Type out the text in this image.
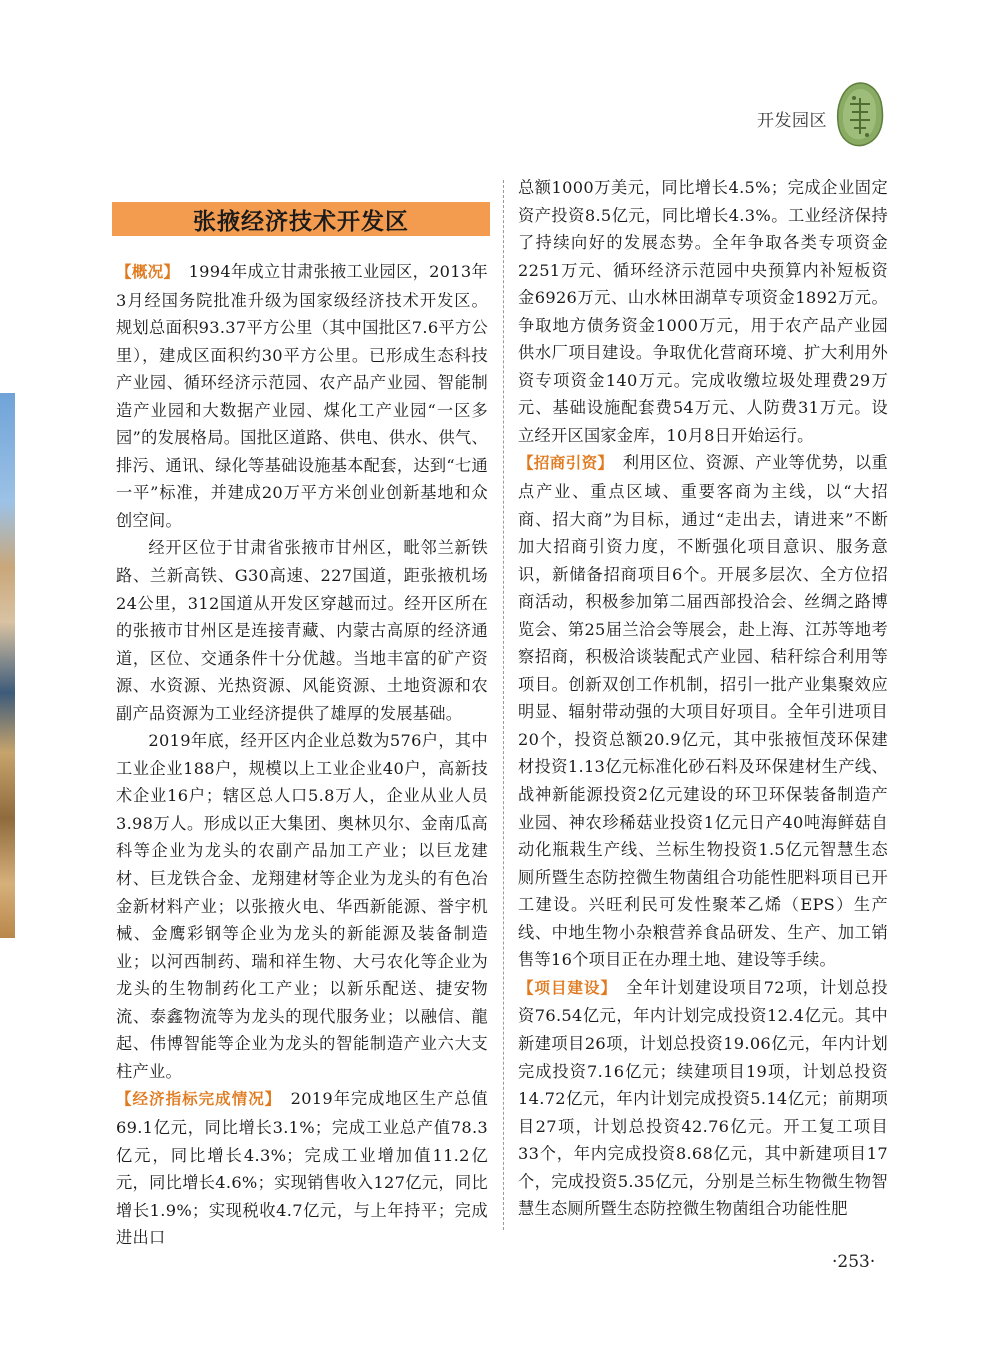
开发园区
张掖经济技术开发区

【概况】 1994年成立甘肃张掖工业园区，2013年3月经国务院批准升级为国家级经济技术开发区。规划总面积93.37平方公里（其中国批区7.6平方公里），建成区面积约30平方公里。已形成生态科技产业园、循环经济示范园、农产品产业园、智能制造产业园和大数据产业园、煤化工产业园“一区多园”的发展格局。国批区道路、供电、供水、供气、排污、通讯、绿化等基础设施基本配套，达到“七通一平”标准，并建成20万平方米创业创新基地和众创空间。

经开区位于甘肃省张掖市甘州区，毗邻兰新铁路、兰新高铁、G30高速、227国道，距张掖机场24公里，312国道从开发区穿越而过。经开区所在的张掖市甘州区是连接青藏、内蒙古高原的经济通道，区位、交通条件十分优越。当地丰富的矿产资源、水资源、光热资源、风能资源、土地资源和农副产品资源为工业经济提供了雄厚的发展基础。

2019年底，经开区内企业总数为576户，其中工业企业188户，规模以上工业企业40户，高新技术企业16户；辖区总人口5.8万人，企业从业人员3.98万人。形成以正大集团、奥林贝尔、金南瓜高科等企业为龙头的农副产品加工产业；以巨龙建材、巨龙铁合金、龙翔建材等企业为龙头的有色冶金新材料产业；以张掖火电、华西新能源、誉宇机械、金鹰彩钢等企业为龙头的新能源及装备制造业；以河西制药、瑞和祥生物、大弓农化等企业为龙头的生物制药化工产业；以新乐配送、捷安物流、泰鑫物流等为龙头的现代服务业；以融信、龍起、伟博智能等企业为龙头的智能制造产业六大支柱产业。

【经济指标完成情况】 2019年完成地区生产总值69.1亿元，同比增长3.1%；完成工业总产值78.3亿元，同比增长4.3%；完成工业增加值11.2亿元，同比增长4.6%；实现销售收入127亿元，同比增长1.9%；实现税收4.7亿元，与上年持平；完成进出口

总额1000万美元，同比增长4.5%；完成企业固定资产投资8.5亿元，同比增长4.3%。工业经济保持了持续向好的发展态势。全年争取各类专项资金2251万元、循环经济示范园中央预算内补短板资金6926万元、山水林田湖草专项资金1892万元。争取地方债务资金1000万元，用于农产品产业园供水厂项目建设。争取优化营商环境、扩大利用外资专项资金140万元。完成收缴垃圾处理费29万元、基础设施配套费54万元、人防费31万元。设立经开区国家金库，10月8日开始运行。

【招商引资】 利用区位、资源、产业等优势，以重点产业、重点区域、重要客商为主线，以“大招商、招大商”为目标，通过“走出去，请进来”不断加大招商引资力度，不断强化项目意识、服务意识，新储备招商项目6个。开展多层次、全方位招商活动，积极参加第二届西部投洽会、丝绸之路博览会、第25届兰洽会等展会，赴上海、江苏等地考察招商，积极洽谈装配式产业园、秸秆综合利用等项目。创新双创工作机制，招引一批产业集聚效应明显、辐射带动强的大项目好项目。全年引进项目20个，投资总额20.9亿元，其中张掖恒茂环保建材投资1.13亿元标准化砂石料及环保建材生产线、战神新能源投资2亿元建设的环卫环保装备制造产业园、神农珍稀菇业投资1亿元日产40吨海鲜菇自动化瓶栽生产线、兰标生物投资1.5亿元智慧生态厕所暨生态防控微生物菌组合功能性肥料项目已开工建设。兴旺利民可发性聚苯乙烯（EPS）生产线、中地生物小杂粮营养食品研发、生产、加工销售等16个项目正在办理土地、建设等手续。

【项目建设】 全年计划建设项目72项，计划总投资76.54亿元，年内计划完成投资12.4亿元。其中新建项目26项，计划总投资19.06亿元，年内计划完成投资7.16亿元；续建项目19项，计划总投资14.72亿元，年内计划完成投资5.14亿元；前期项目27项，计划总投资42.76亿元。开工复工项目33个，年内完成投资8.68亿元，其中新建项目17个，完成投资5.35亿元，分别是兰标生物微生物智慧生态厕所暨生态防控微生物菌组合功能性肥

·253·
